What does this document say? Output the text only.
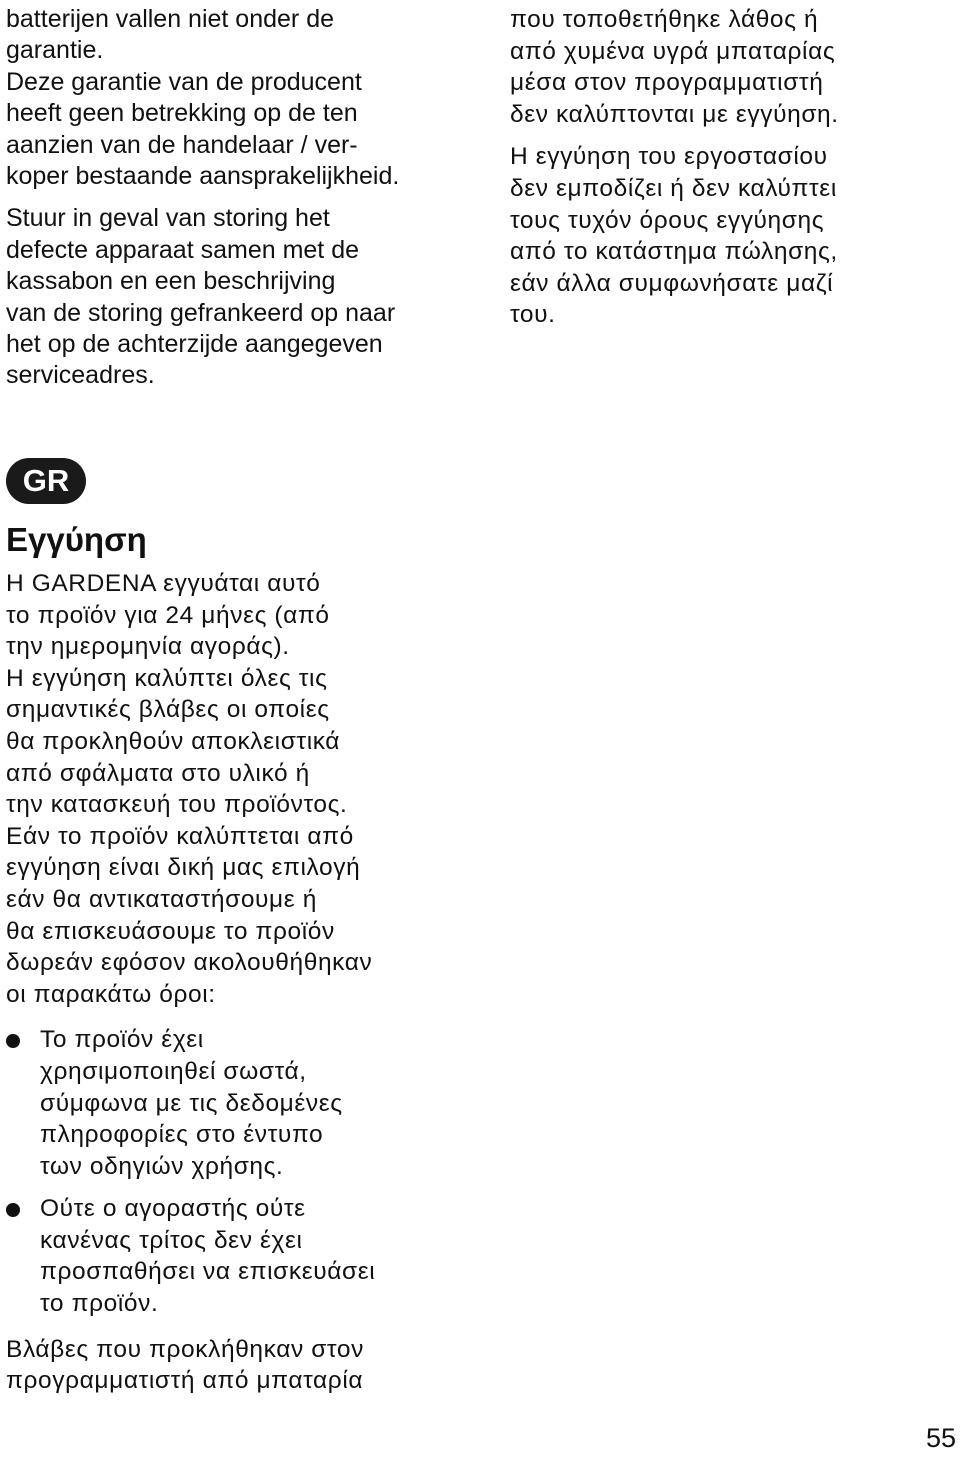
batterijen vallen niet onder de
garantie.

Deze garantie van de producent
heeft geen betrekking op de ten
aanzien van de handelaar / ver-
koper bestaande aansprakelijkheid.

Stuur in geval van storing het
defecte apparaat samen met de
kassabon en een beschrijving
van de storing gefrankeerd op naar
het op de achterzijde aangegeven
serviceadres.

που τοποθετήθηκε λάθος ή
από χυμένα υγρά μπαταρίας
μέσα στον προγραμματιστή
δεν καλύπτονται με εγγύηση.

Η εγγύηση του εργοστασίου
δεν εμποδίζει ή δεν καλύπτει
τους τυχόν όρους εγγύησης
από το κατάστημα πώλησης,
εάν άλλα συμφωνήσατε μαζί
του.

GR
Εγγύηση

Η GARDENA εγγυάται αυτό
το προϊόν για 24 μήνες (από
την ημερομηνία αγοράς).

Η εγγύηση καλύπτει όλες τις
σημαντικές βλάβες οι οποίες
θα προκληθούν αποκλειστικά
από σφάλματα στο υλικό ή
την κατασκευή του προϊόντος.

Εάν το προϊόν καλύπτεται από
εγγύηση είναι δική μας επιλογή
εάν θα αντικαταστήσουμε ή
θα επισκευάσουμε το προϊόν
δωρεάν εφόσον ακολουθήθηκαν
οι παρακάτω όροι:

Το προϊόν έχει
χρησιμοποιηθεί σωστά,
σύμφωνα με τις δεδομένες
πληροφορίες στο έντυπο
των οδηγιών χρήσης.

Ούτε ο αγοραστής ούτε
κανένας τρίτος δεν έχει
προσπαθήσει να επισκευάσει
το προϊόν.

Βλάβες που προκλήθηκαν στον
προγραμματιστή από μπαταρία

55
